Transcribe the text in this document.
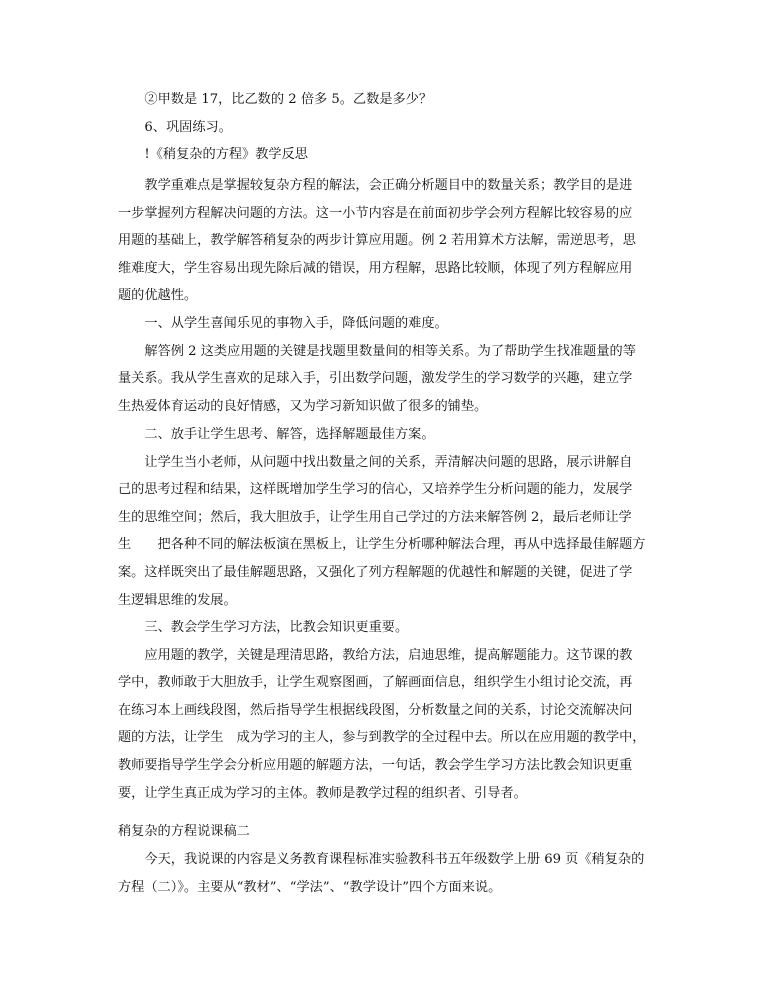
②甲数是 17，比乙数的 2 倍多 5。乙数是多少？

6、巩固练习。

!《稍复杂的方程》教学反思

教学重难点是掌握较复杂方程的解法，会正确分析题目中的数量关系；教学目的是进

一步掌握列方程解决问题的方法。这一小节内容是在前面初步学会列方程解比较容易的应

用题的基础上，教学解答稍复杂的两步计算应用题。例 2 若用算术方法解，需逆思考，思

维难度大，学生容易出现先除后减的错误，用方程解，思路比较顺，体现了列方程解应用

题的优越性。

一、从学生喜闻乐见的事物入手，降低问题的难度。

解答例 2 这类应用题的关键是找题里数量间的相等关系。为了帮助学生找准题量的等

量关系。我从学生喜欢的足球入手，引出数学问题，激发学生的学习数学的兴趣，建立学

生热爱体育运动的良好情感，又为学习新知识做了很多的铺垫。

二、放手让学生思考、解答，选择解题最佳方案。

让学生当小老师，从问题中找出数量之间的关系，弄清解决问题的思路，展示讲解自

己的思考过程和结果，这样既增加学生学习的信心，又培养学生分析问题的能力，发展学

生的思维空间；然后，我大胆放手，让学生用自己学过的方法来解答例 2，最后老师让学

生　　把各种不同的解法板演在黑板上，让学生分析哪种解法合理，再从中选择最佳解题方

案。这样既突出了最佳解题思路，又强化了列方程解题的优越性和解题的关键，促进了学

生逻辑思维的发展。

三、教会学生学习方法，比教会知识更重要。

应用题的教学，关键是理清思路，教给方法，启迪思维，提高解题能力。这节课的教

学中，教师敢于大胆放手，让学生观察图画，了解画面信息，组织学生小组讨论交流，再

在练习本上画线段图，然后指导学生根据线段图，分析数量之间的关系，讨论交流解决问

题的方法，让学生　成为学习的主人，参与到教学的全过程中去。所以在应用题的教学中，

教师要指导学生学会分析应用题的解题方法，一句话，教会学生学习方法比教会知识更重

要，让学生真正成为学习的主体。教师是教学过程的组织者、引导者。

稍复杂的方程说课稿二

今天，我说课的内容是义务教育课程标准实验教科书五年级数学上册 69 页《稍复杂的

方程（二）》。主要从“教材”、“学法”、“教学设计”四个方面来说。
